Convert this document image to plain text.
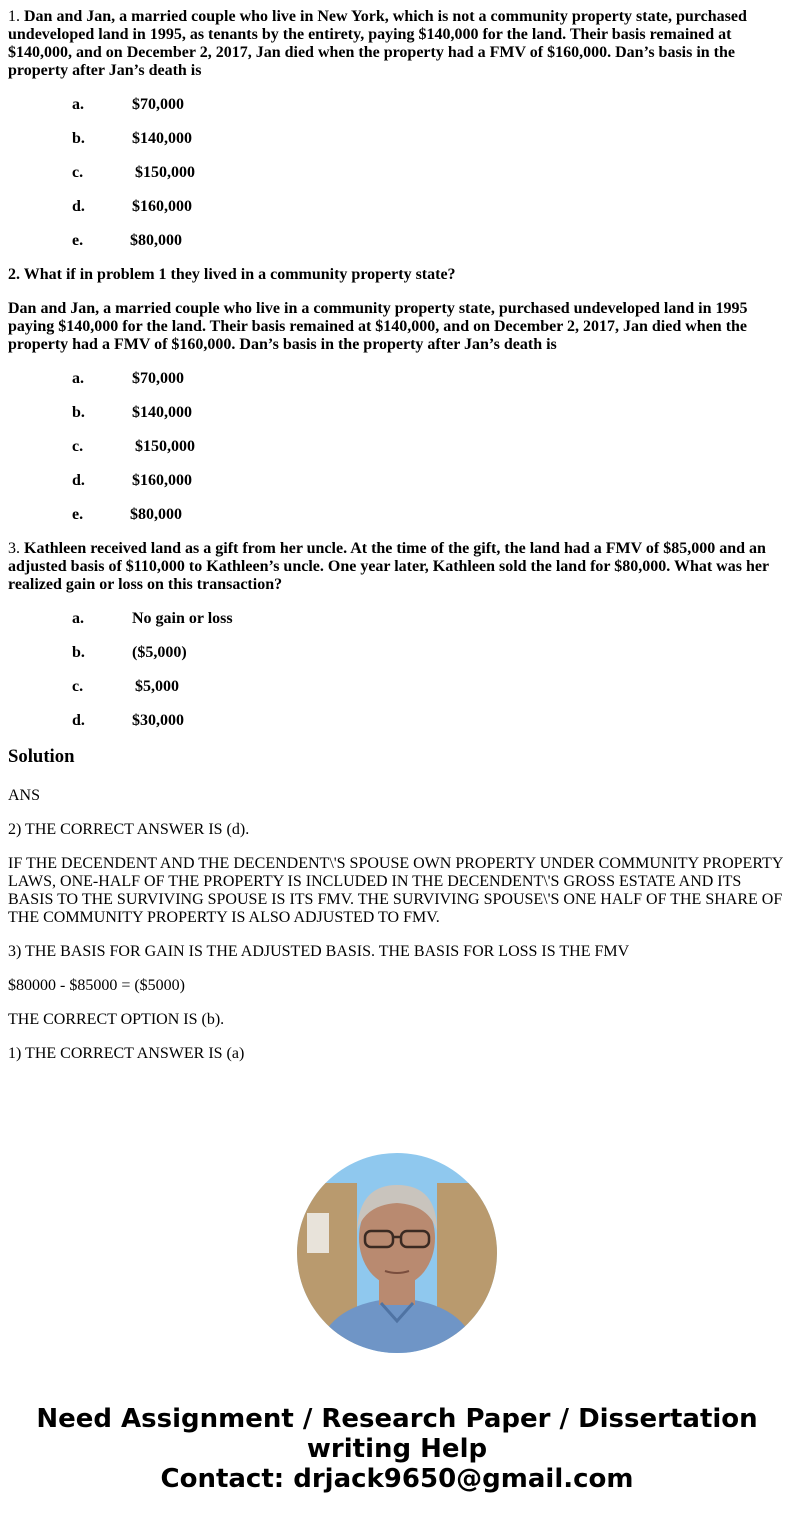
1. Dan and Jan, a married couple who live in New York, which is not a community property state, purchased undeveloped land in 1995, as tenants by the entirety, paying $140,000 for the land. Their basis remained at $140,000, and on December 2, 2017, Jan died when the property had a FMV of $160,000. Dan’s basis in the property after Jan’s death is

a.	$70,000
b.	$140,000
c.	$150,000
d.	$160,000
e.	$80,000

2. What if in problem 1 they lived in a community property state?

Dan and Jan, a married couple who live in a community property state, purchased undeveloped land in 1995 paying $140,000 for the land. Their basis remained at $140,000, and on December 2, 2017, Jan died when the property had a FMV of $160,000. Dan’s basis in the property after Jan’s death is

a.	$70,000
b.	$140,000
c.	$150,000
d.	$160,000
e.	$80,000

3. Kathleen received land as a gift from her uncle. At the time of the gift, the land had a FMV of $85,000 and an adjusted basis of $110,000 to Kathleen’s uncle. One year later, Kathleen sold the land for $80,000. What was her realized gain or loss on this transaction?

a.	No gain or loss
b.	($5,000)
c.	$5,000
d.	$30,000
Solution

ANS

2) THE CORRECT ANSWER IS (d).

IF THE DECENDENT AND THE DECENDENT\'S SPOUSE OWN PROPERTY UNDER COMMUNITY PROPERTY LAWS, ONE-HALF OF THE PROPERTY IS INCLUDED IN THE DECENDENT\'S GROSS ESTATE AND ITS BASIS TO THE SURVIVING SPOUSE IS ITS FMV. THE SURVIVING SPOUSE\'S ONE HALF OF THE SHARE OF THE COMMUNITY PROPERTY IS ALSO ADJUSTED TO FMV.

3) THE BASIS FOR GAIN IS THE ADJUSTED BASIS. THE BASIS FOR LOSS IS THE FMV

$80000 - $85000 = ($5000)

THE CORRECT OPTION IS (b).

1) THE CORRECT ANSWER IS (a)

Need Assignment / Research Paper / Dissertation
writing Help
Contact: drjack9650@gmail.com
